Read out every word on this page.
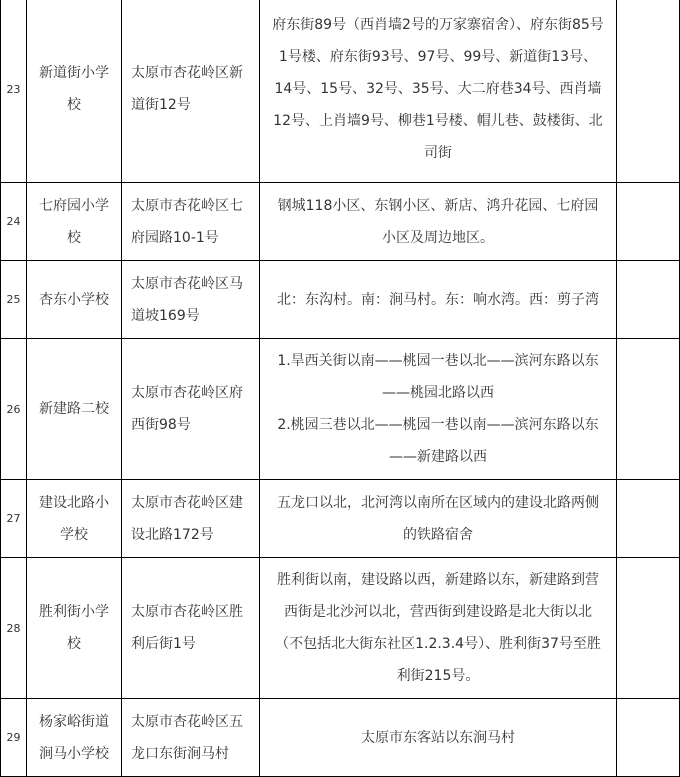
23	新道街小学校	太原市杏花岭区新道街12号	府东街89号（西肖墙2号的万家寨宿舍）、府东街85号1号楼、府东街93号、97号、99号、新道街13号、14号、15号、32号、35号、大二府巷34号、西肖墙12号、上肖墙9号、柳巷1号楼、帽儿巷、鼓楼街、北司街	
24	七府园小学校	太原市杏花岭区七府园路10-1号	钢城118小区、东钢小区、新店、鸿升花园、七府园小区及周边地区。	
25	杏东小学校	太原市杏花岭区马道坡169号	北：东沟村。南：涧马村。东：响水湾。西：剪子湾	
26	新建路二校	太原市杏花岭区府西街98号	1.旱西关街以南——桃园一巷以北——滨河东路以东——桃园北路以西
2.桃园三巷以北——桃园一巷以南——滨河东路以东——新建路以西	

27	建设北路小学校	太原市杏花岭区建设北路172号	五龙口以北，北河湾以南所在区域内的建设北路两侧的铁路宿舍	
28	胜利街小学校	太原市杏花岭区胜利后街1号	胜利街以南，建设路以西，新建路以东，新建路到营西街是北沙河以北，营西街到建设路是北大街以北（不包括北大街东社区1.2.3.4号）、胜利街37号至胜利街215号。	
29	杨家峪街道涧马小学校	太原市杏花岭区五龙口东街涧马村	太原市东客站以东涧马村	
